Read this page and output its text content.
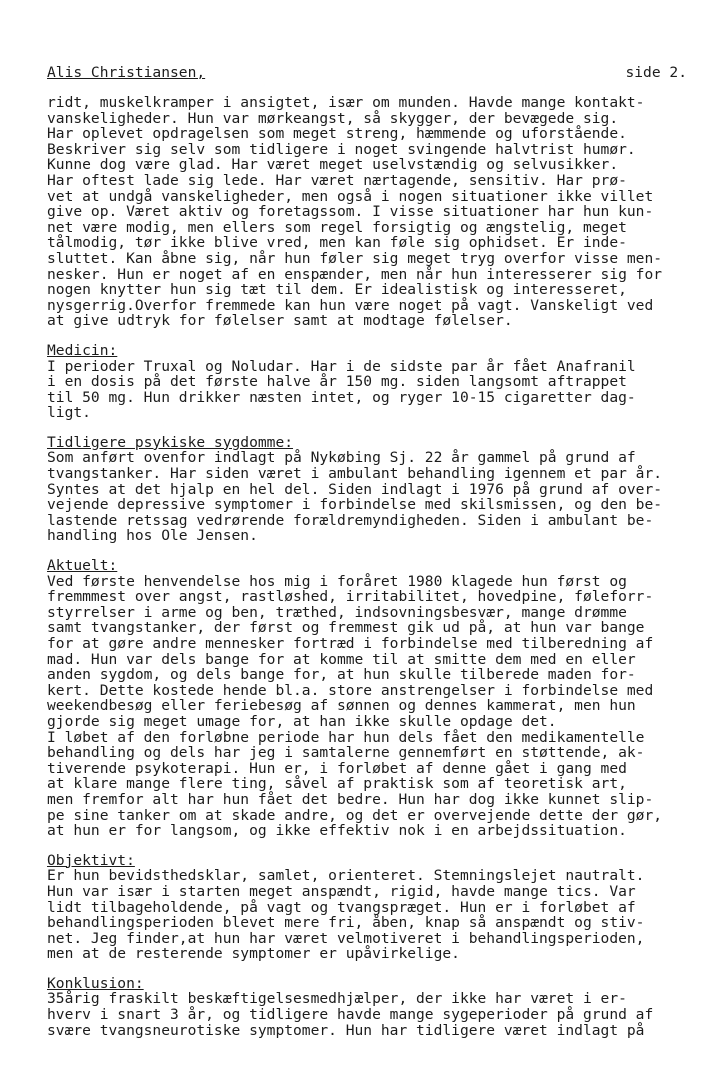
Alis Christiansen,	side 2.
ridt, muskelkramper i ansigtet, især om munden. Havde mange kontakt-
vanskeligheder. Hun var mørkeangst, så skygger, der bevægede sig.
Har oplevet opdragelsen som meget streng, hæmmende og uforstående.
Beskriver sig selv som tidligere i noget svingende halvtrist humør.
Kunne dog være glad. Har været meget uselvstændig og selvusikker.
Har oftest lade sig lede. Har været nærtagende, sensitiv. Har prø-
vet at undgå vanskeligheder, men også i nogen situationer ikke villet
give op. Været aktiv og foretagssom. I visse situationer har hun kun-
net være modig, men ellers som regel forsigtig og ængstelig, meget
tålmodig, tør ikke blive vred, men kan føle sig ophidset. Er inde-
sluttet. Kan åbne sig, når hun føler sig meget tryg overfor visse men-
nesker. Hun er noget af en enspænder, men når hun interesserer sig for
nogen knytter hun sig tæt til dem. Er idealistisk og interesseret,
nysgerrig.Overfor fremmede kan hun være noget på vagt. Vanskeligt ved
at give udtryk for følelser samt at modtage følelser.
Medicin:
I perioder Truxal og Noludar. Har i de sidste par år fået Anafranil
i en dosis på det første halve år 150 mg. siden langsomt aftrappet
til 50 mg. Hun drikker næsten intet, og ryger 10-15 cigaretter dag-
ligt.
Tidligere psykiske sygdomme:
Som anført ovenfor indlagt på Nykøbing Sj. 22 år gammel på grund af
tvangstanker. Har siden været i ambulant behandling igennem et par år.
Syntes at det hjalp en hel del. Siden indlagt i 1976 på grund af over-
vejende depressive symptomer i forbindelse med skilsmissen, og den be-
lastende retssag vedrørende forældremyndigheden. Siden i ambulant be-
handling hos Ole Jensen.
Aktuelt:
Ved første henvendelse hos mig i foråret 1980 klagede hun først og
fremmmest over angst, rastløshed, irritabilitet, hovedpine, føleforr-
styrrelser i arme og ben, træthed, indsovningsbesvær, mange drømme
samt tvangstanker, der først og fremmest gik ud på, at hun var bange
for at gøre andre mennesker fortræd i forbindelse med tilberedning af
mad. Hun var dels bange for at komme til at smitte dem med en eller
anden sygdom, og dels bange for, at hun skulle tilberede maden for-
kert. Dette kostede hende bl.a. store anstrengelser i forbindelse med
weekendbesøg eller feriebesøg af sønnen og dennes kammerat, men hun
gjorde sig meget umage for, at han ikke skulle opdage det.
I løbet af den forløbne periode har hun dels fået den medikamentelle
behandling og dels har jeg i samtalerne gennemført en støttende, ak-
tiverende psykoterapi. Hun er, i forløbet af denne gået i gang med
at klare mange flere ting, såvel af praktisk som af teoretisk art,
men fremfor alt har hun fået det bedre. Hun har dog ikke kunnet slip-
pe sine tanker om at skade andre, og det er overvejende dette der gør,
at hun er for langsom, og ikke effektiv nok i en arbejdssituation.
Objektivt:
Er hun bevidsthedsklar, samlet, orienteret. Stemningslejet nautralt.
Hun var især i starten meget anspændt, rigid, havde mange tics. Var
lidt tilbageholdende, på vagt og tvangspræget. Hun er i forløbet af
behandlingsperioden blevet mere fri, åben, knap så anspændt og stiv-
net. Jeg finder,at hun har været velmotiveret i behandlingsperioden,
men at de resterende symptomer er upåvirkelige.
Konklusion:
35årig fraskilt beskæftigelsesmedhjælper, der ikke har været i er-
hverv i snart 3 år, og tidligere havde mange sygeperioder på grund af
svære tvangsneurotiske symptomer. Hun har tidligere været indlagt på
